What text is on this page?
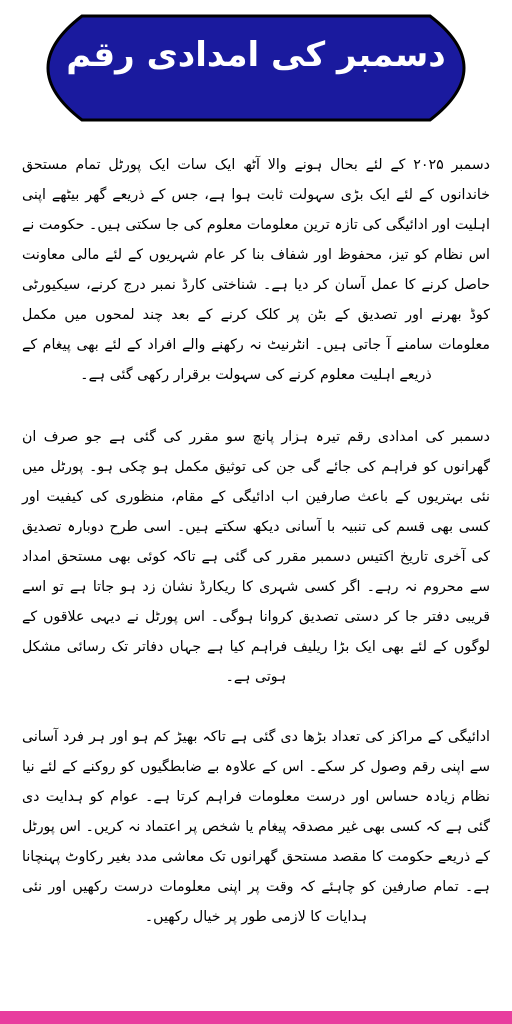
دسمبر کی امدادی رقم

دسمبر ۲۰۲۵ کے لئے بحال ہونے والا آٹھ ایک سات ایک پورٹل تمام مستحق خاندانوں کے لئے ایک بڑی سہولت ثابت ہوا ہے، جس کے ذریعے گھر بیٹھے اپنی اہلیت اور ادائیگی کی تازہ ترین معلومات معلوم کی جا سکتی ہیں۔ حکومت نے اس نظام کو تیز، محفوظ اور شفاف بنا کر عام شہریوں کے لئے مالی معاونت حاصل کرنے کا عمل آسان کر دیا ہے۔ شناختی کارڈ نمبر درج کرنے، سیکیورٹی کوڈ بھرنے اور تصدیق کے بٹن پر کلک کرنے کے بعد چند لمحوں میں مکمل معلومات سامنے آ جاتی ہیں۔ انٹرنیٹ نہ رکھنے والے افراد کے لئے بھی پیغام کے ذریعے اہلیت معلوم کرنے کی سہولت برقرار رکھی گئی ہے۔

دسمبر کی امدادی رقم تیرہ ہزار پانچ سو مقرر کی گئی ہے جو صرف ان گھرانوں کو فراہم کی جائے گی جن کی توثیق مکمل ہو چکی ہو۔ پورٹل میں نئی بہتریوں کے باعث صارفین اب ادائیگی کے مقام، منظوری کی کیفیت اور کسی بھی قسم کی تنبیہ با آسانی دیکھ سکتے ہیں۔ اسی طرح دوبارہ تصدیق کی آخری تاریخ اکتیس دسمبر مقرر کی گئی ہے تاکہ کوئی بھی مستحق امداد سے محروم نہ رہے۔ اگر کسی شہری کا ریکارڈ نشان زد ہو جاتا ہے تو اسے قریبی دفتر جا کر دستی تصدیق کروانا ہوگی۔ اس پورٹل نے دیہی علاقوں کے لوگوں کے لئے بھی ایک بڑا ریلیف فراہم کیا ہے جہاں دفاتر تک رسائی مشکل ہوتی ہے۔

ادائیگی کے مراکز کی تعداد بڑھا دی گئی ہے تاکہ بھیڑ کم ہو اور ہر فرد آسانی سے اپنی رقم وصول کر سکے۔ اس کے علاوہ بے ضابطگیوں کو روکنے کے لئے نیا نظام زیادہ حساس اور درست معلومات فراہم کرتا ہے۔ عوام کو ہدایت دی گئی ہے کہ کسی بھی غیر مصدقہ پیغام یا شخص پر اعتماد نہ کریں۔ اس پورٹل کے ذریعے حکومت کا مقصد مستحق گھرانوں تک معاشی مدد بغیر رکاوٹ پہنچانا ہے۔ تمام صارفین کو چاہئے کہ وقت پر اپنی معلومات درست رکھیں اور نئی ہدایات کا لازمی طور پر خیال رکھیں۔
